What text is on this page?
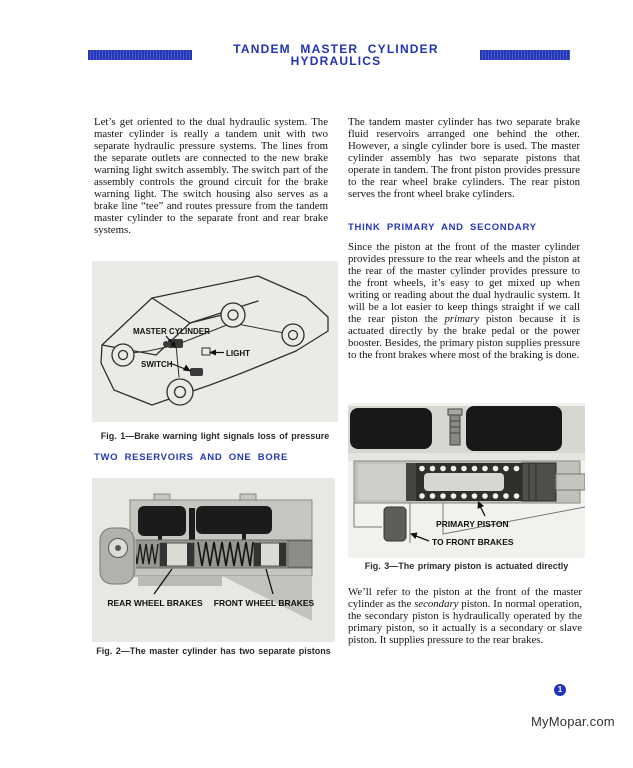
TANDEM MASTER CYLINDER HYDRAULICS

Let’s get oriented to the dual hydraulic system. The master cylinder is really a tandem unit with two separate hydraulic pressure systems. The lines from the separate outlets are connected to the new brake warning light switch assembly. The switch part of the assembly controls the ground circuit for the brake warning light. The switch housing also serves as a brake line “tee” and routes pressure from the tandem master cylinder to the separate front and rear brake systems.

MASTER CYLINDER
LIGHT
SWITCH
Fig. 1—Brake warning light signals loss of pressure
TWO RESERVOIRS AND ONE BORE
REAR WHEEL BRAKES FRONT WHEEL BRAKES
Fig. 2—The master cylinder has two separate pistons

The tandem master cylinder has two separate brake fluid reservoirs arranged one behind the other. However, a single cylinder bore is used. The master cylinder assembly has two separate pistons that operate in tandem. The front piston provides pressure to the rear wheel brake cylinders. The rear piston serves the front wheel brake cylinders.

THINK PRIMARY AND SECONDARY

Since the piston at the front of the master cylinder provides pressure to the rear wheels and the piston at the rear of the master cylinder provides pressure to the front wheels, it’s easy to get mixed up when writing or reading about the dual hydraulic system. It will be a lot easier to keep things straight if we call the rear piston the primary piston because it is actuated directly by the brake pedal or the power booster. Besides, the primary piston supplies pressure to the front brakes where most of the braking is done.

PRIMARY PISTON
TO FRONT BRAKES
Fig. 3—The primary piston is actuated directly

We’ll refer to the piston at the front of the master cylinder as the secondary piston. In normal operation, the secondary piston is hydraulically operated by the primary piston, so it actually is a secondary or slave piston. It supplies pressure to the rear brakes.

1
MyMopar.com
